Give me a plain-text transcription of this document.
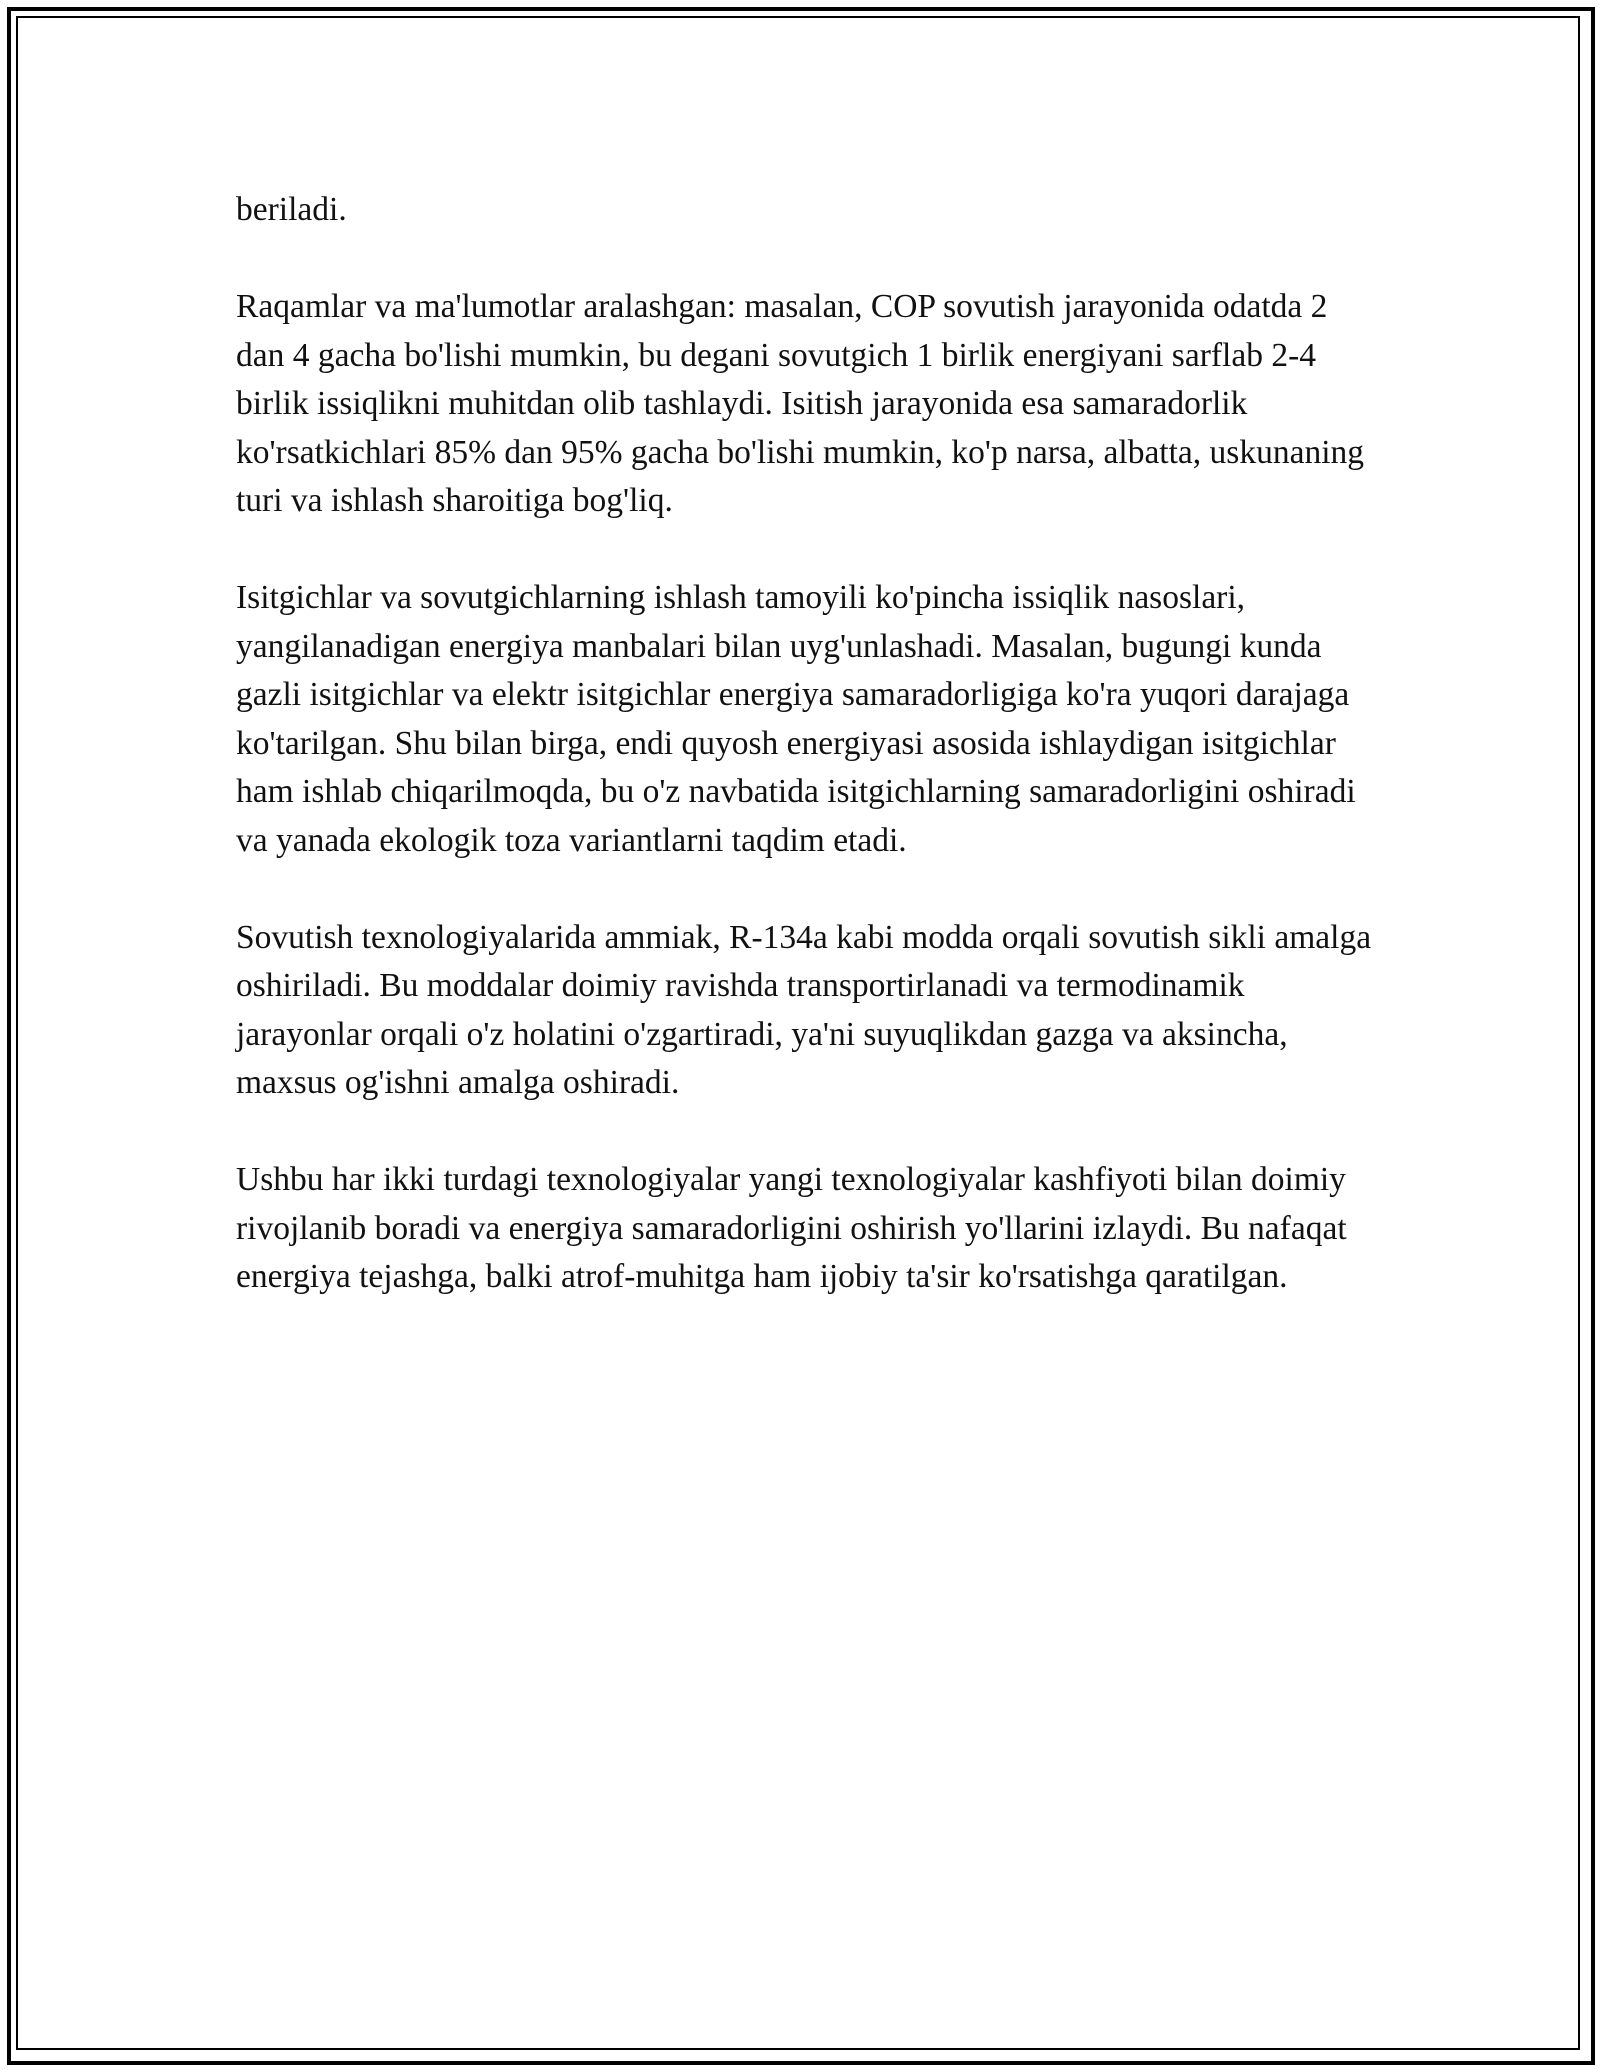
beriladi.

Raqamlar va ma'lumotlar aralashgan: masalan, COP sovutish jarayonida odatda 2 dan 4 gacha bo'lishi mumkin, bu degani sovutgich 1 birlik energiyani sarflab 2-4 birlik issiqlikni muhitdan olib tashlaydi. Isitish jarayonida esa samaradorlik ko'rsatkichlari 85% dan 95% gacha bo'lishi mumkin, ko'p narsa, albatta, uskunaning turi va ishlash sharoitiga bog'liq.

Isitgichlar va sovutgichlarning ishlash tamoyili ko'pincha issiqlik nasoslari, yangilanadigan energiya manbalari bilan uyg'unlashadi. Masalan, bugungi kunda gazli isitgichlar va elektr isitgichlar energiya samaradorligiga ko'ra yuqori darajaga ko'tarilgan. Shu bilan birga, endi quyosh energiyasi asosida ishlaydigan isitgichlar ham ishlab chiqarilmoqda, bu o'z navbatida isitgichlarning samaradorligini oshiradi va yanada ekologik toza variantlarni taqdim etadi.

Sovutish texnologiyalarida ammiak, R-134a kabi modda orqali sovutish sikli amalga oshiriladi. Bu moddalar doimiy ravishda transportirlanadi va termodinamik jarayonlar orqali o'z holatini o'zgartiradi, ya'ni suyuqlikdan gazga va aksincha, maxsus og'ishni amalga oshiradi.

Ushbu har ikki turdagi texnologiyalar yangi texnologiyalar kashfiyoti bilan doimiy rivojlanib boradi va energiya samaradorligini oshirish yo'llarini izlaydi. Bu nafaqat energiya tejashga, balki atrof-muhitga ham ijobiy ta'sir ko'rsatishga qaratilgan.
